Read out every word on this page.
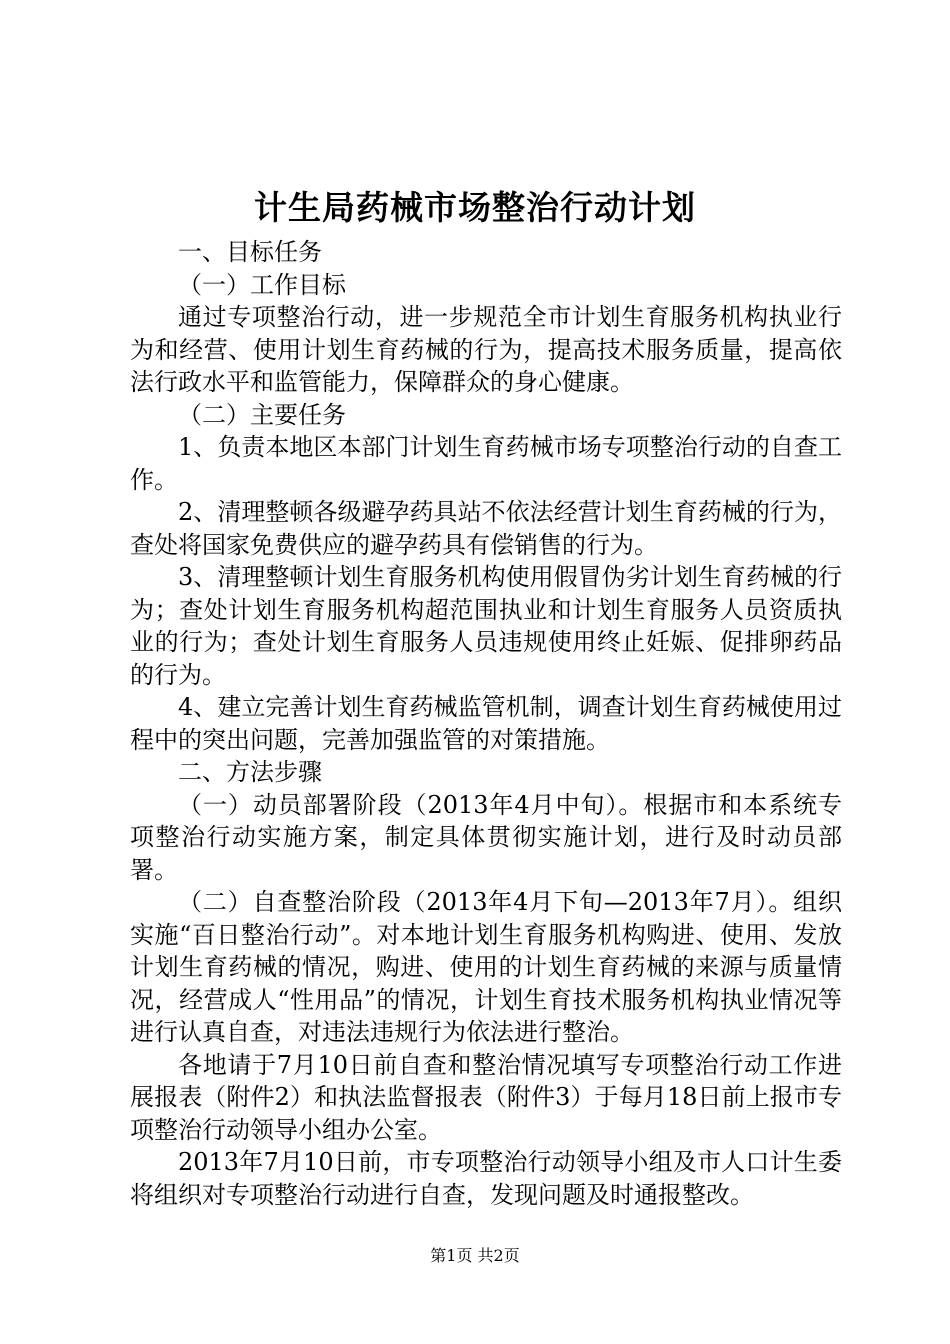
计生局药械市场整治行动计划

一、目标任务

（一）工作目标

通过专项整治行动，进一步规范全市计划生育服务机构执业行为和经营、使用计划生育药械的行为，提高技术服务质量，提高依法行政水平和监管能力，保障群众的身心健康。

（二）主要任务

1、负责本地区本部门计划生育药械市场专项整治行动的自查工作。

2、清理整顿各级避孕药具站不依法经营计划生育药械的行为，查处将国家免费供应的避孕药具有偿销售的行为。

3、清理整顿计划生育服务机构使用假冒伪劣计划生育药械的行为；查处计划生育服务机构超范围执业和计划生育服务人员资质执业的行为；查处计划生育服务人员违规使用终止妊娠、促排卵药品的行为。

4、建立完善计划生育药械监管机制，调查计划生育药械使用过程中的突出问题，完善加强监管的对策措施。

二、方法步骤

（一）动员部署阶段（2013年4月中旬）。根据市和本系统专项整治行动实施方案，制定具体贯彻实施计划，进行及时动员部署。

（二）自查整治阶段（2013年4月下旬—2013年7月）。组织实施“百日整治行动”。对本地计划生育服务机构购进、使用、发放计划生育药械的情况，购进、使用的计划生育药械的来源与质量情况，经营成人“性用品”的情况，计划生育技术服务机构执业情况等进行认真自查，对违法违规行为依法进行整治。

各地请于7月10日前自查和整治情况填写专项整治行动工作进展报表（附件2）和执法监督报表（附件3）于每月18日前上报市专项整治行动领导小组办公室。

2013年7月10日前，市专项整治行动领导小组及市人口计生委将组织对专项整治行动进行自查，发现问题及时通报整改。

第1页 共2页
